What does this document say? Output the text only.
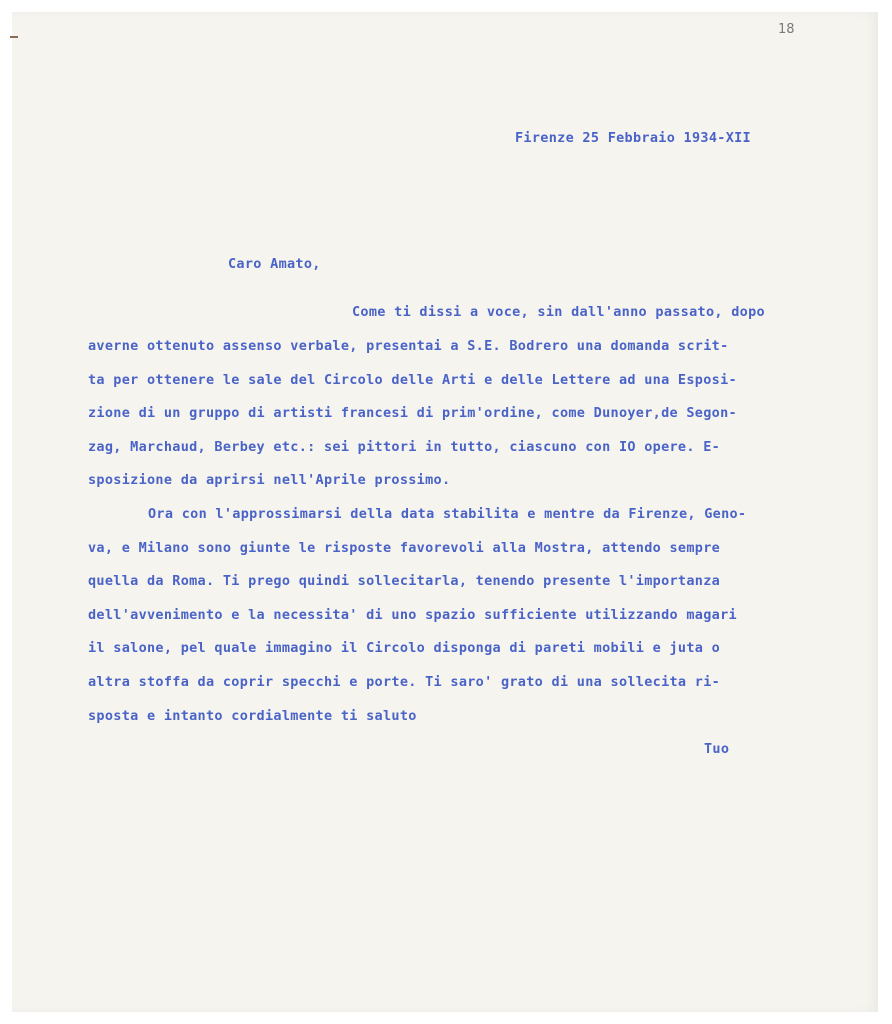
18

Firenze 25 Febbraio 1934-XII

Caro Amato,

Come ti dissi a voce, sin dall'anno passato, dopo

averne ottenuto assenso verbale, presentai a S.E. Bodrero una domanda scrit-

ta per ottenere le sale del Circolo delle Arti e delle Lettere ad una Esposi-

zione di un gruppo di artisti francesi di prim'ordine, come Dunoyer,de Segon-

zag, Marchaud, Berbey etc.: sei pittori in tutto, ciascuno con IO opere. E-

sposizione da aprirsi nell'Aprile prossimo.

Ora con l'approssimarsi della data stabilita e mentre da Firenze, Geno-

va, e Milano sono giunte le risposte favorevoli alla Mostra, attendo sempre

quella da Roma. Ti prego quindi sollecitarla, tenendo presente l'importanza

dell'avvenimento e la necessita' di uno spazio sufficiente utilizzando magari

il salone, pel quale immagino il Circolo disponga di pareti mobili e juta o

altra stoffa da coprir specchi e porte. Ti saro' grato di una sollecita ri-

sposta e intanto cordialmente ti saluto

Tuo
